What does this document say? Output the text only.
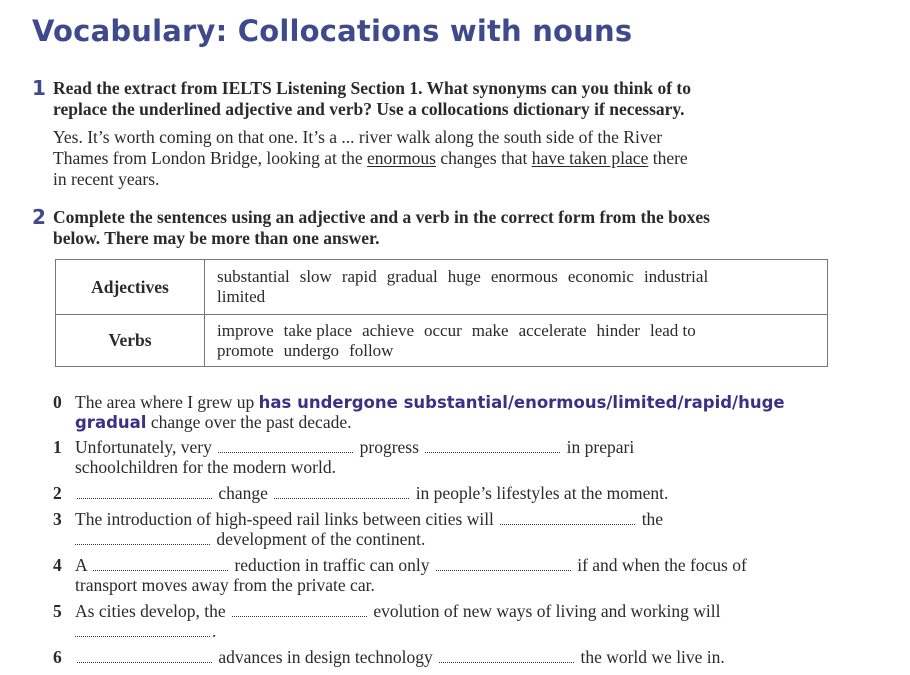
Vocabulary: Collocations with nouns
1 Read the extract from IELTS Listening Section 1. What synonyms can you think of to
replace the underlined adjective and verb? Use a collocations dictionary if necessary.
Yes. It’s worth coming on that one. It’s a ... river walk along the south side of the River
Thames from London Bridge, looking at the enormous changes that have taken place there
in recent years.
2 Complete the sentences using an adjective and a verb in the correct form from the boxes
below. There may be more than one answer.
Adjectives	substantial slow rapid gradual huge enormous economic industrial
limited
Verbs	improve take place achieve occur make accelerate hinder lead to
promote undergo follow
0 The area where I grew up has undergone substantial/enormous/limited/rapid/huge
gradual change over the past decade.
1 Unfortunately, very	progress	in prepari
schoolchildren for the modern world.
2	change	in people’s lifestyles at the moment.
3 The introduction of high-speed rail links between cities will	the
development of the continent.
4 A	reduction in traffic can only	if and when the focus of
transport moves away from the private car.
5 As cities develop, the	evolution of new ways of living and working will
.
6	advances in design technology	the world we live in.
